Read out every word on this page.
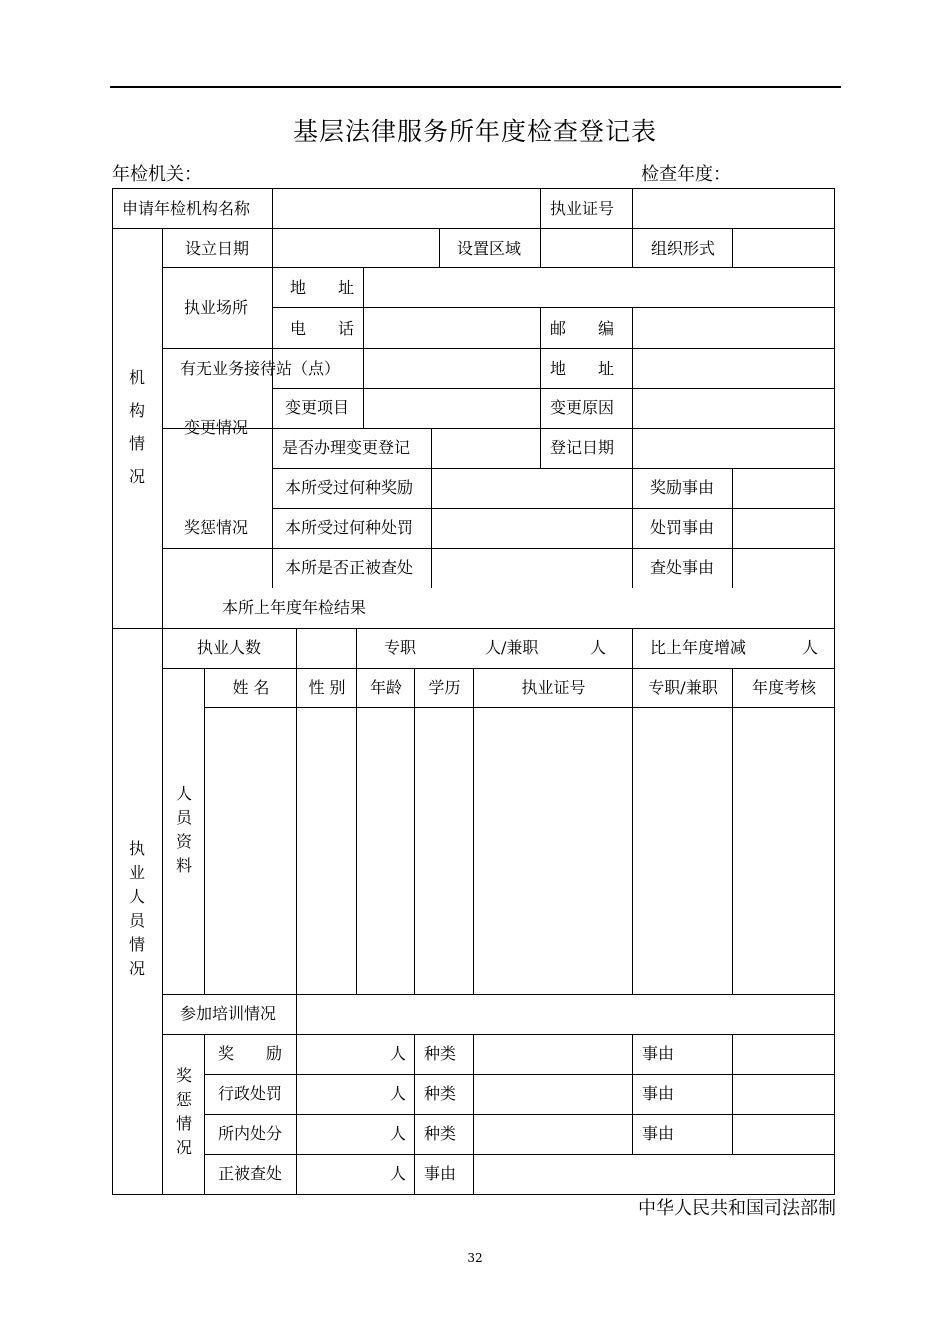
基层法律服务所年度检查登记表
年检机关：	检查年度：
申请年检机构名称	执业证号
机
构
情
况
设立日期	设置区域	组织形式
执业场所
地　　址
电　　话	邮　　编
有无业务接待站（点）	地　　址
变更情况
变更项目	变更原因
是否办理变更登记	登记日期
奖惩情况
本所受过何种奖励	奖励事由
本所受过何种处罚	处罚事由
本所是否正被查处	查处事由
本所上年度年检结果
执
业
人
员
情
况
执业人数	专职	人/兼职	人	比上年度增减	人
姓 名	性 别	年龄	学历	执业证号	专职/兼职	年度考核
人
员
资
料
参加培训情况
奖
惩
情
况
奖　　励	人 种类	事由
行政处罚	人 种类	事由
所内处分	人 种类	事由
正被查处	人 事由
中华人民共和国司法部制
32
